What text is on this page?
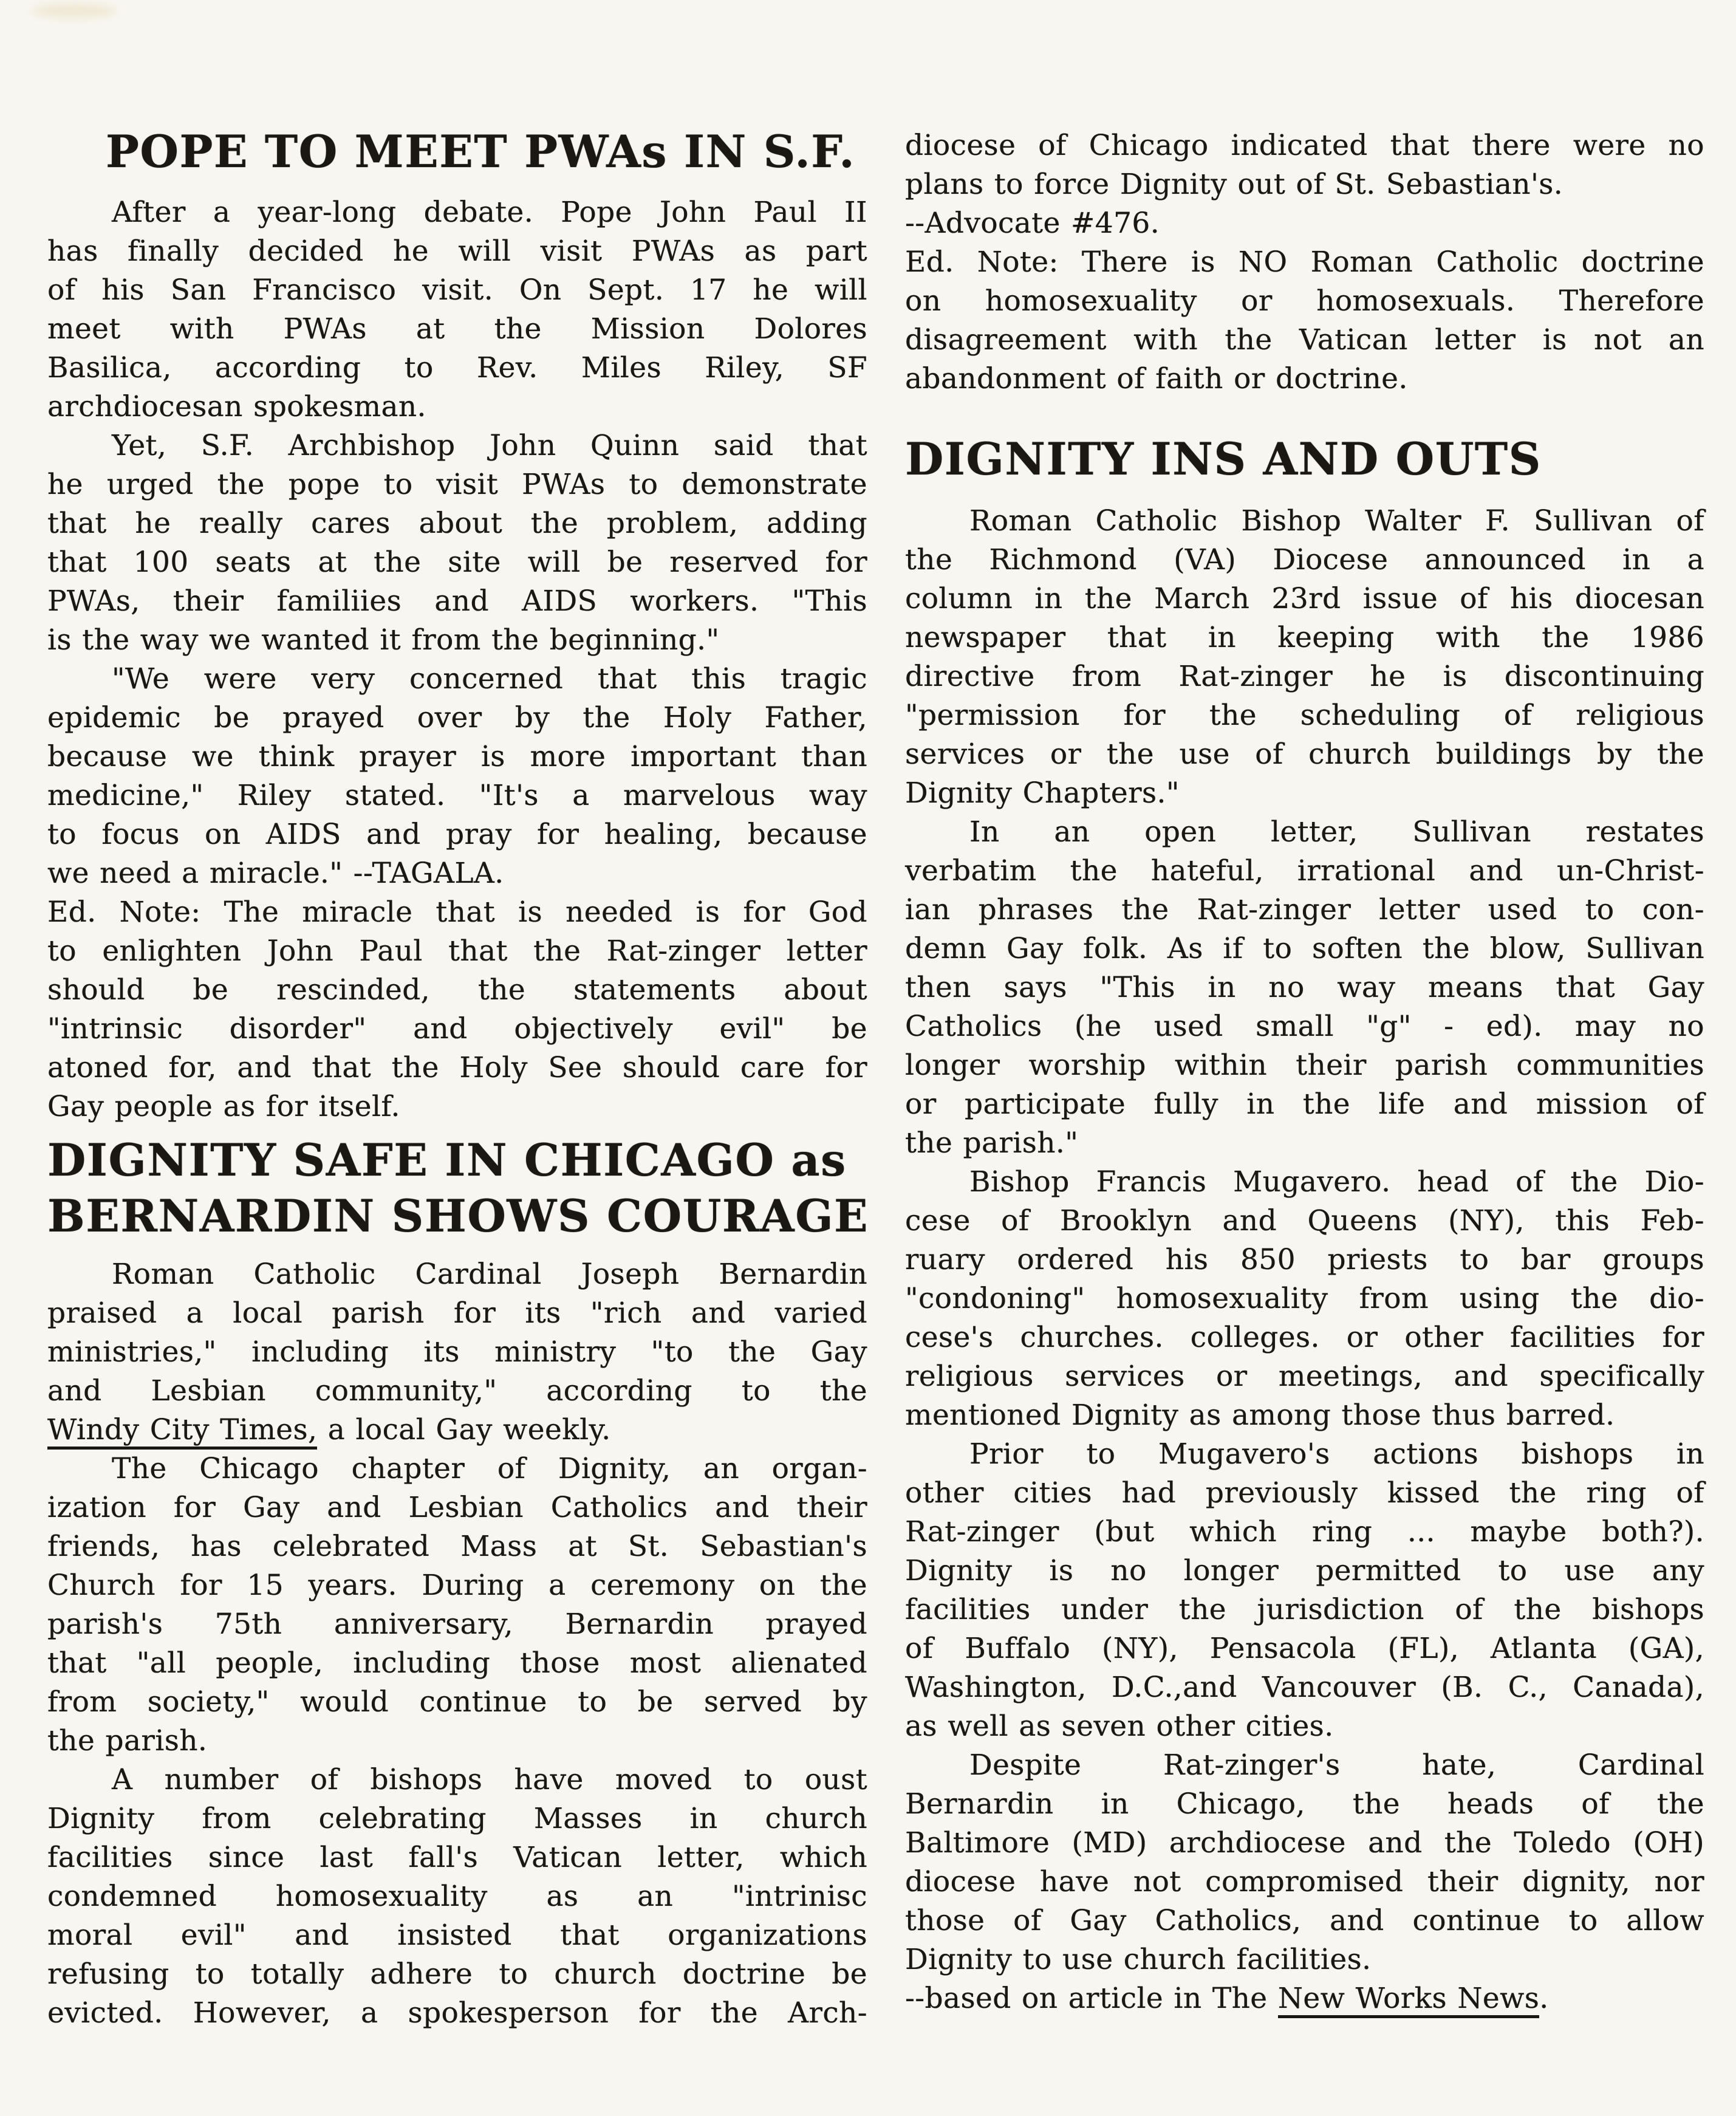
POPE TO MEET PWAs IN S.F.
After a year-long debate. Pope John Paul II
has finally decided he will visit PWAs as part
of his San Francisco visit. On Sept. 17 he will
meet with PWAs at the Mission Dolores
Basilica, according to Rev. Miles Riley, SF
archdiocesan spokesman.
Yet, S.F. Archbishop John Quinn said that
he urged the pope to visit PWAs to demonstrate
that he really cares about the problem, adding
that 100 seats at the site will be reserved for
PWAs, their familiies and AIDS workers. "This
is the way we wanted it from the beginning."
"We were very concerned that this tragic
epidemic be prayed over by the Holy Father,
because we think prayer is more important than
medicine," Riley stated. "It's a marvelous way
to focus on AIDS and pray for healing, because
we need a miracle." --TAGALA.
Ed. Note: The miracle that is needed is for God
to enlighten John Paul that the Rat-zinger letter
should be rescinded, the statements about
"intrinsic disorder" and objectively evil" be
atoned for, and that the Holy See should care for
Gay people as for itself.
DIGNITY SAFE IN CHICAGO as
BERNARDIN SHOWS COURAGE
Roman Catholic Cardinal Joseph Bernardin
praised a local parish for its "rich and varied
ministries," including its ministry "to the Gay
and Lesbian community," according to the
Windy City Times, a local Gay weekly.
The Chicago chapter of Dignity, an organ-
ization for Gay and Lesbian Catholics and their
friends, has celebrated Mass at St. Sebastian's
Church for 15 years. During a ceremony on the
parish's 75th anniversary, Bernardin prayed
that "all people, including those most alienated
from society," would continue to be served by
the parish.
A number of bishops have moved to oust
Dignity from celebrating Masses in church
facilities since last fall's Vatican letter, which
condemned homosexuality as an "intrinisc
moral evil" and insisted that organizations
refusing to totally adhere to church doctrine be
evicted. However, a spokesperson for the Arch-
diocese of Chicago indicated that there were no
plans to force Dignity out of St. Sebastian's.
--Advocate #476.
Ed. Note: There is NO Roman Catholic doctrine
on homosexuality or homosexuals. Therefore
disagreement with the Vatican letter is not an
abandonment of faith or doctrine.
DIGNITY INS AND OUTS
Roman Catholic Bishop Walter F. Sullivan of
the Richmond (VA) Diocese announced in a
column in the March 23rd issue of his diocesan
newspaper that in keeping with the 1986
directive from Rat-zinger he is discontinuing
"permission for the scheduling of religious
services or the use of church buildings by the
Dignity Chapters."
In an open letter, Sullivan restates
verbatim the hateful, irrational and un-Christ-
ian phrases the Rat-zinger letter used to con-
demn Gay folk. As if to soften the blow, Sullivan
then says "This in no way means that Gay
Catholics (he used small "g" - ed). may no
longer worship within their parish communities
or participate fully in the life and mission of
the parish."
Bishop Francis Mugavero. head of the Dio-
cese of Brooklyn and Queens (NY), this Feb-
ruary ordered his 850 priests to bar groups
"condoning" homosexuality from using the dio-
cese's churches. colleges. or other facilities for
religious services or meetings, and specifically
mentioned Dignity as among those thus barred.
Prior to Mugavero's actions bishops in
other cities had previously kissed the ring of
Rat-zinger (but which ring ... maybe both?).
Dignity is no longer permitted to use any
facilities under the jurisdiction of the bishops
of Buffalo (NY), Pensacola (FL), Atlanta (GA),
Washington, D.C.,and Vancouver (B. C., Canada),
as well as seven other cities.
Despite Rat-zinger's hate, Cardinal
Bernardin in Chicago, the heads of the
Baltimore (MD) archdiocese and the Toledo (OH)
diocese have not compromised their dignity, nor
those of Gay Catholics, and continue to allow
Dignity to use church facilities.
--based on article in The New Works News.
